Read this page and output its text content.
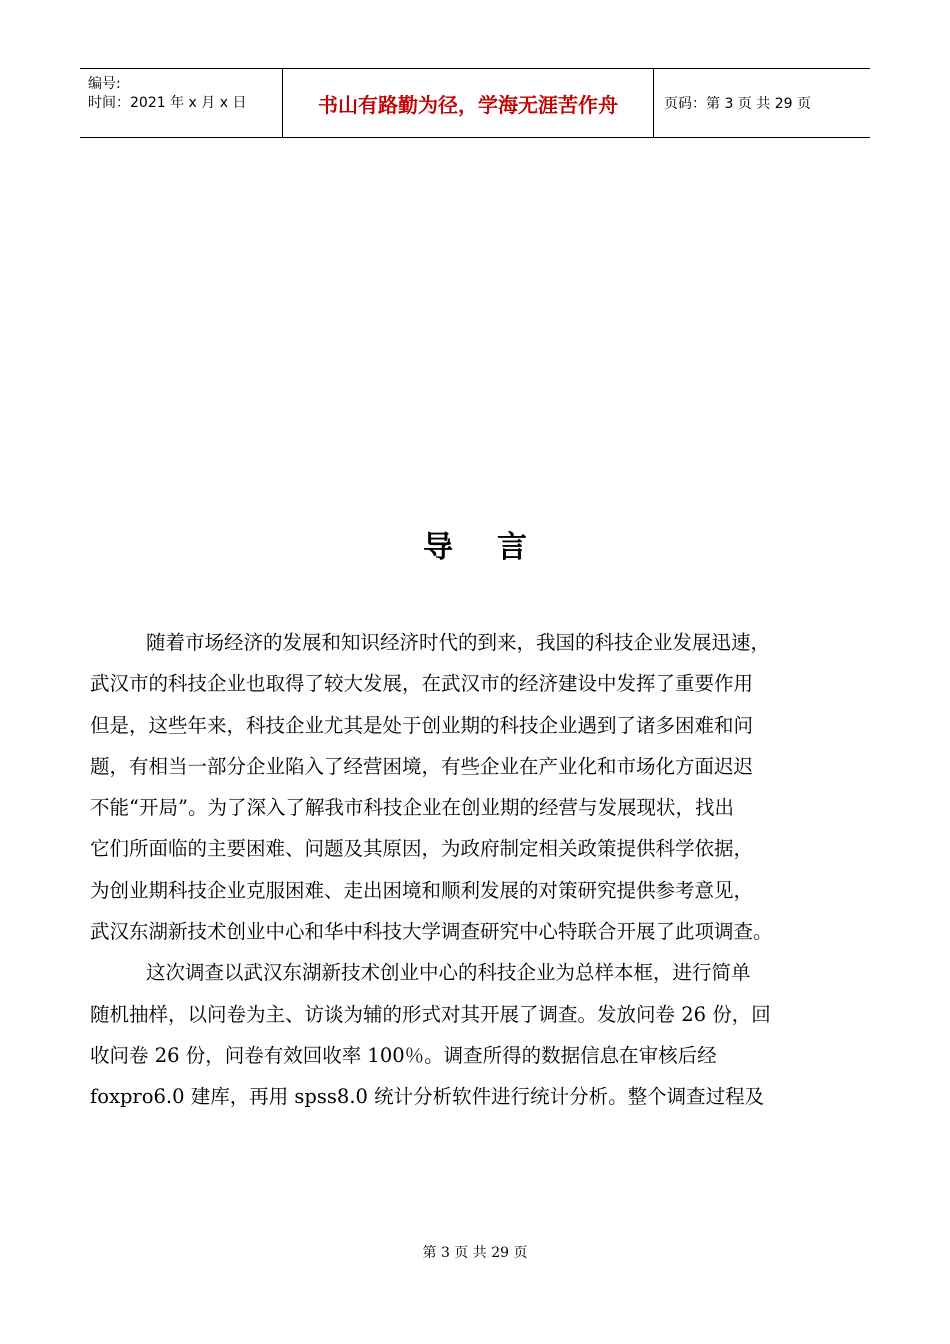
编号:
时间：2021 年 x 月 x 日	书山有路勤为径，学海无涯苦作舟	页码：第 3 页 共 29 页
导言
随着市场经济的发展和知识经济时代的到来，我国的科技企业发展迅速，
武汉市的科技企业也取得了较大发展，在武汉市的经济建设中发挥了重要作用
但是，这些年来，科技企业尤其是处于创业期的科技企业遇到了诸多困难和问
题，有相当一部分企业陷入了经营困境，有些企业在产业化和市场化方面迟迟
不能“开局”。为了深入了解我市科技企业在创业期的经营与发展现状，找出
它们所面临的主要困难、问题及其原因，为政府制定相关政策提供科学依据，
为创业期科技企业克服困难、走出困境和顺利发展的对策研究提供参考意见，
武汉东湖新技术创业中心和华中科技大学调查研究中心特联合开展了此项调查。
这次调查以武汉东湖新技术创业中心的科技企业为总样本框，进行简单
随机抽样，以问卷为主、访谈为辅的形式对其开展了调查。发放问卷 26 份，回
收问卷 26 份，问卷有效回收率 100％。调查所得的数据信息在审核后经
foxpro6.0 建库，再用 spss8.0 统计分析软件进行统计分析。整个调查过程及
第 3 页 共 29 页
